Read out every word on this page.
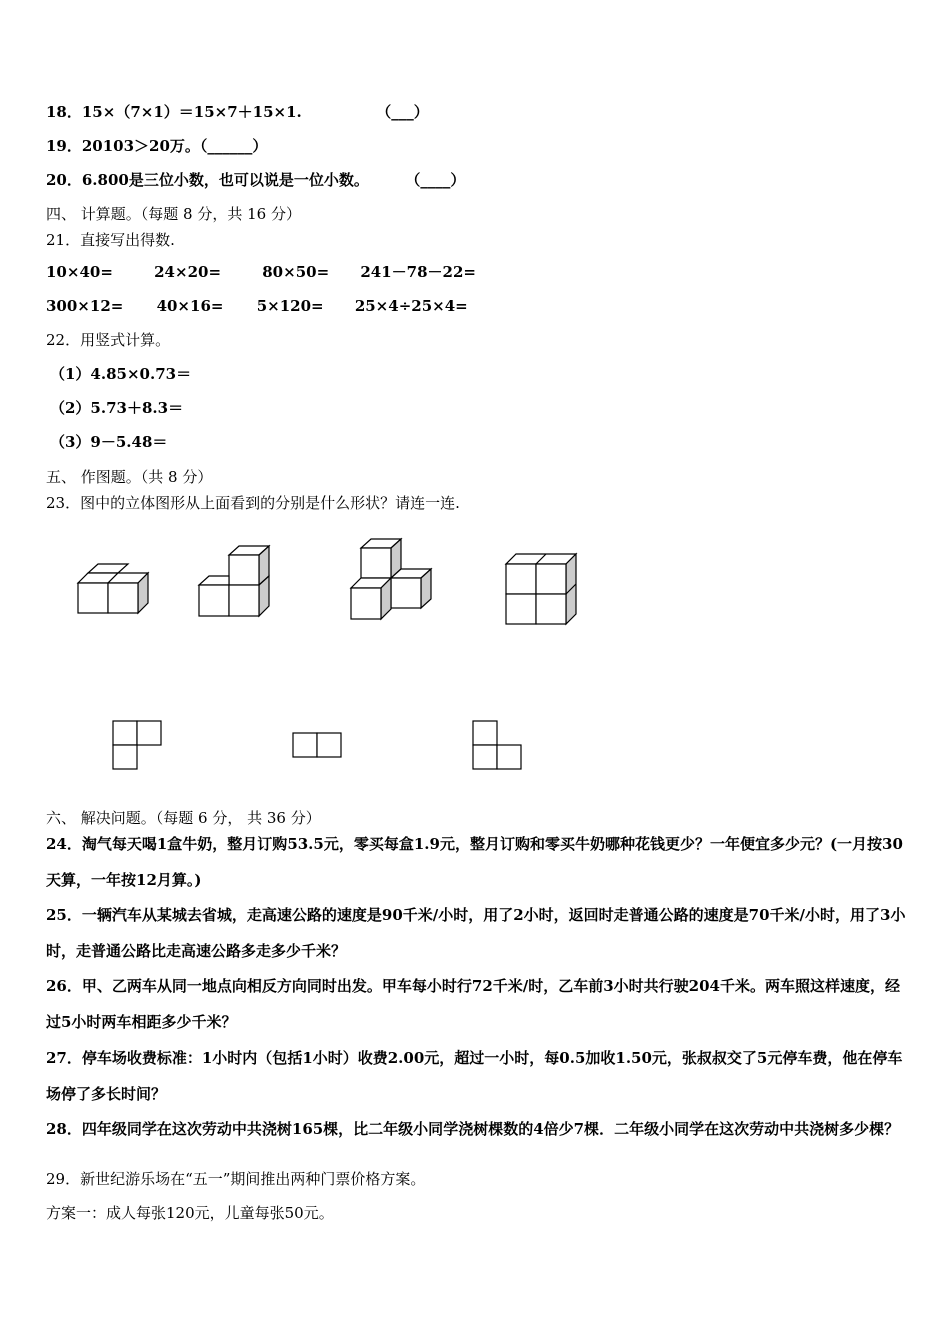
18．15×（7×1）＝15×7＋15×1.	（___）
19．20103＞20万。（______）
20．6.800是三位小数，也可以说是一位小数。 （____）
四、 计算题。（每题 8 分，共 16 分）
21．直接写出得数.
10×40=	24×20=	80×50= 241－78－22=
300×12= 40×16= 5×120= 25×4÷25×4=
22．用竖式计算。
（1）4.85×0.73＝
（2）5.73＋8.3＝
（3）9－5.48＝
五、 作图题。（共 8 分）
23．图中的立体图形从上面看到的分别是什么形状？请连一连.
六、 解决问题。（每题 6 分， 共 36 分）
24．淘气每天喝1盒牛奶，整月订购53.5元，零买每盒1.9元，整月订购和零买牛奶哪种花钱更少？一年便宜多少元？(一月按30天算，一年按12月算。)
25．一辆汽车从某城去省城，走高速公路的速度是90千米/小时，用了2小时，返回时走普通公路的速度是70千米/小时，用了3小时，走普通公路比走高速公路多走多少千米？
26．甲、乙两车从同一地点向相反方向同时出发。甲车每小时行72千米/时，乙车前3小时共行驶204千米。两车照这样速度，经过5小时两车相距多少千米？
27．停车场收费标准：1小时内（包括1小时）收费2.00元，超过一小时，每0.5加收1.50元，张叔叔交了5元停车费，他在停车场停了多长时间？
28．四年级同学在这次劳动中共浇树165棵，比二年级小同学浇树棵数的4倍少7棵．二年级小同学在这次劳动中共浇树多少棵？
29．新世纪游乐场在“五一”期间推出两种门票价格方案。
方案一：成人每张120元，儿童每张50元。
